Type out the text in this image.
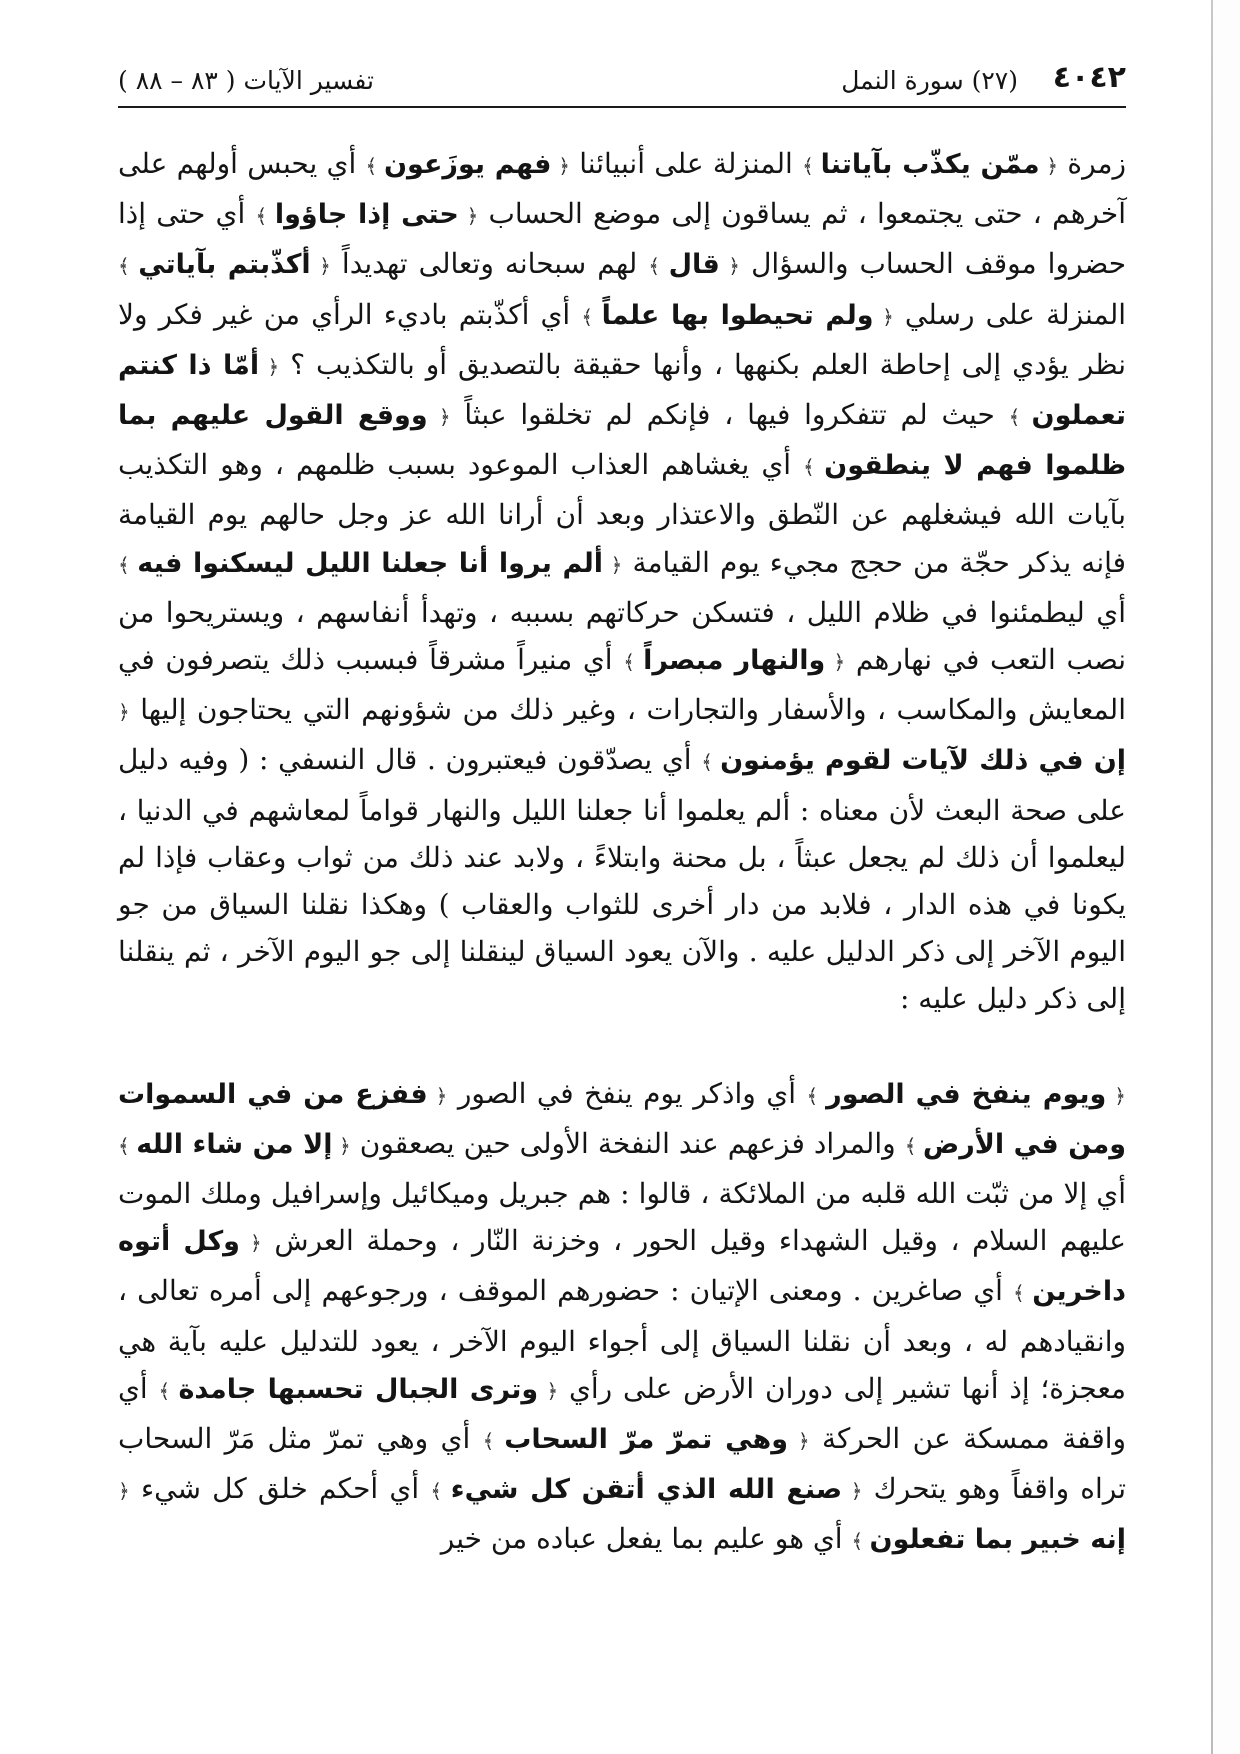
٤٠٤٢
(٢٧) سورة النمل
تفسير الآيات ( ٨٣ – ٨٨ )

زمرة ﴿ ممّن يكذّب بآياتنا ﴾ المنزلة على أنبيائنا ﴿ فهم يوزَعون ﴾ أي يحبس أولهم على آخرهم ، حتى يجتمعوا ، ثم يساقون إلى موضع الحساب ﴿ حتى إذا جاؤوا ﴾ أي حتى إذا حضروا موقف الحساب والسؤال ﴿ قال ﴾ لهم سبحانه وتعالى تهديداً ﴿ أكذّبتم بآياتي ﴾ المنزلة على رسلي ﴿ ولم تحيطوا بها علماً ﴾ أي أكذّبتم باديء الرأي من غير فكر ولا نظر يؤدي إلى إحاطة العلم بكنهها ، وأنها حقيقة بالتصديق أو بالتكذيب ؟ ﴿ أمّا ذا كنتم تعملون ﴾ حيث لم تتفكروا فيها ، فإنكم لم تخلقوا عبثاً ﴿ ووقع القول عليهم بما ظلموا فهم لا ينطقون ﴾ أي يغشاهم العذاب الموعود بسبب ظلمهم ، وهو التكذيب بآيات الله فيشغلهم عن النّطق والاعتذار وبعد أن أرانا الله عز وجل حالهم يوم القيامة فإنه يذكر حجّة من حجج مجيء يوم القيامة ﴿ ألم يروا أنا جعلنا الليل ليسكنوا فيه ﴾ أي ليطمئنوا في ظلام الليل ، فتسكن حركاتهم بسببه ، وتهدأ أنفاسهم ، ويستريحوا من نصب التعب في نهارهم ﴿ والنهار مبصراً ﴾ أي منيراً مشرقاً فبسبب ذلك يتصرفون في المعايش والمكاسب ، والأسفار والتجارات ، وغير ذلك من شؤونهم التي يحتاجون إليها ﴿ إن في ذلك لآيات لقوم يؤمنون ﴾ أي يصدّقون فيعتبرون . قال النسفي : ( وفيه دليل على صحة البعث لأن معناه : ألم يعلموا أنا جعلنا الليل والنهار قواماً لمعاشهم في الدنيا ، ليعلموا أن ذلك لم يجعل عبثاً ، بل محنة وابتلاءً ، ولابد عند ذلك من ثواب وعقاب فإذا لم يكونا في هذه الدار ، فلابد من دار أخرى للثواب والعقاب ) وهكذا نقلنا السياق من جو اليوم الآخر إلى ذكر الدليل عليه . والآن يعود السياق لينقلنا إلى جو اليوم الآخر ، ثم ينقلنا إلى ذكر دليل عليه :

﴿ ويوم ينفخ في الصور ﴾ أي واذكر يوم ينفخ في الصور ﴿ ففزع من في السموات ومن في الأرض ﴾ والمراد فزعهم عند النفخة الأولى حين يصعقون ﴿ إلا من شاء الله ﴾ أي إلا من ثبّت الله قلبه من الملائكة ، قالوا : هم جبريل وميكائيل وإسرافيل وملك الموت عليهم السلام ، وقيل الشهداء وقيل الحور ، وخزنة النّار ، وحملة العرش ﴿ وكل أتوه داخرين ﴾ أي صاغرين . ومعنى الإتيان : حضورهم الموقف ، ورجوعهم إلى أمره تعالى ، وانقيادهم له ، وبعد أن نقلنا السياق إلى أجواء اليوم الآخر ، يعود للتدليل عليه بآية هي معجزة؛ إذ أنها تشير إلى دوران الأرض على رأي ﴿ وترى الجبال تحسبها جامدة ﴾ أي واقفة ممسكة عن الحركة ﴿ وهي تمرّ مرّ السحاب ﴾ أي وهي تمرّ مثل مَرّ السحاب تراه واقفاً وهو يتحرك ﴿ صنع الله الذي أتقن كل شيء ﴾ أي أحكم خلق كل شيء ﴿ إنه خبير بما تفعلون ﴾ أي هو عليم بما يفعل عباده من خير
